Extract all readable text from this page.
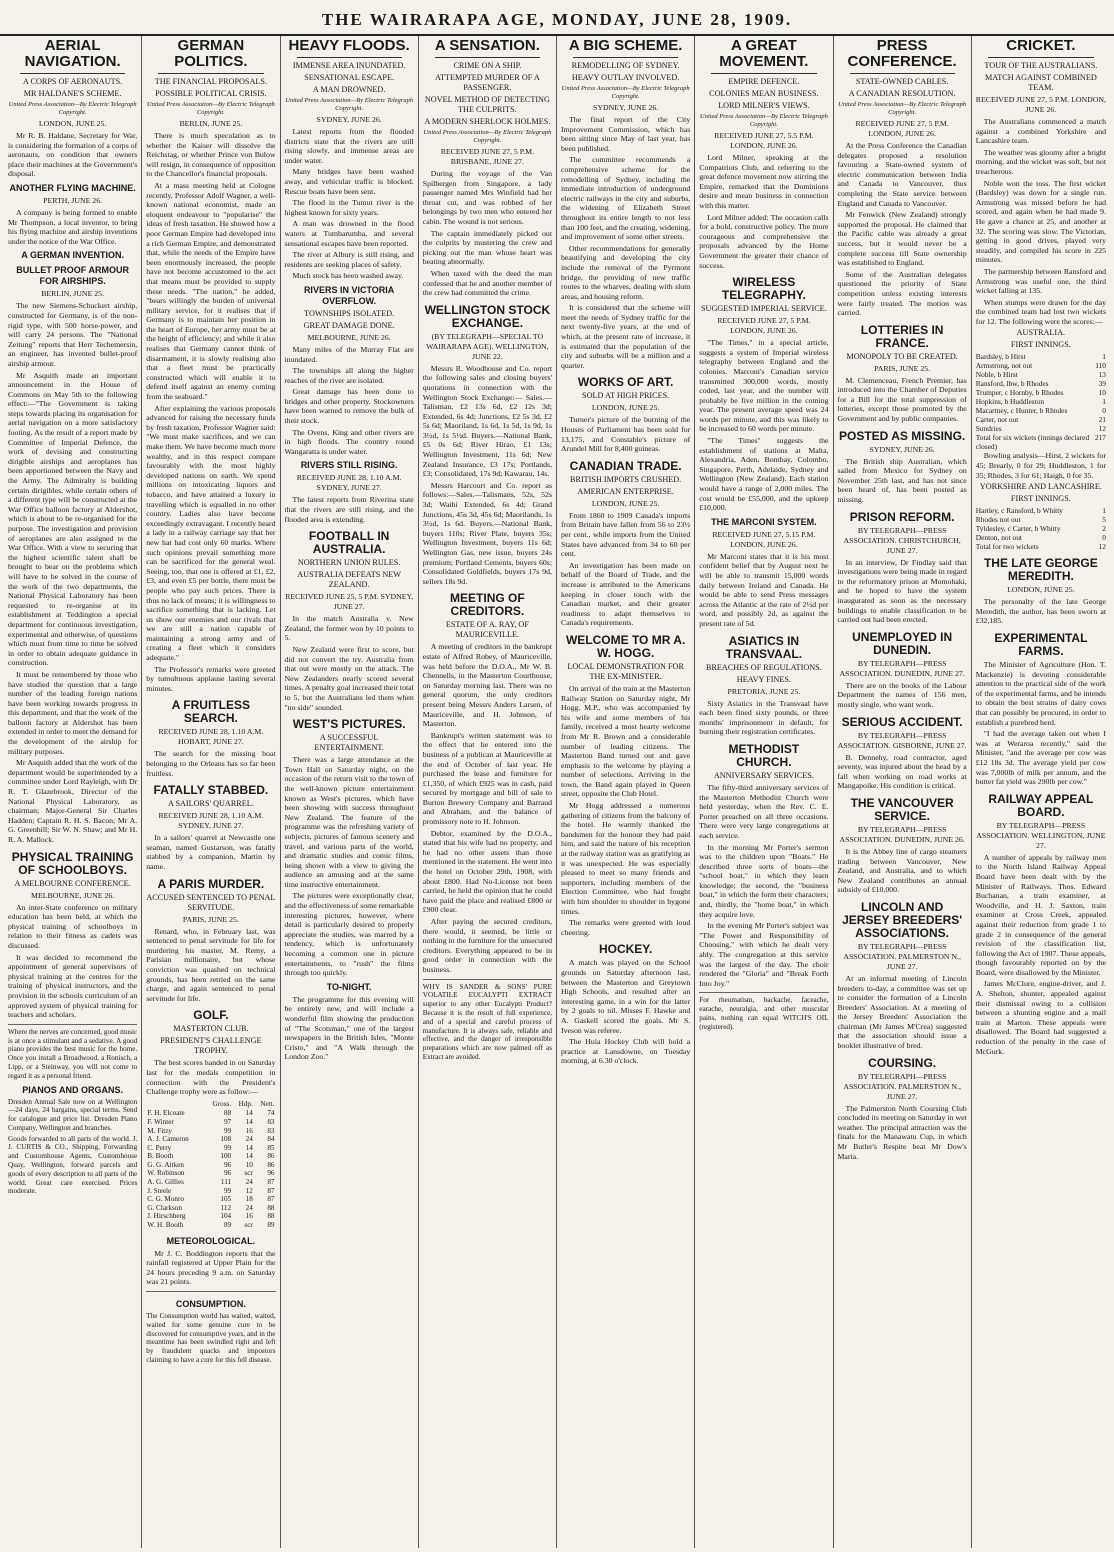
THE WAIRARAPA AGE, MONDAY, JUNE 28, 1909.
AERIAL NAVIGATION.
A CORPS OF AERONAUTS.
MR HALDANE'S SCHEME.
United Press Association—By Electric Telegraph Copyright.
LONDON, JUNE 25.

Mr R. B. Haldane, Secretary for War, is considering the formation of a corps of aeronauts, on condition that owners place their machines at the Government's disposal.

ANOTHER FLYING MACHINE.
PERTH, JUNE 26.

A company is being formed to enable Mr Thompson, a local inventor, to bring his flying machine and airship inventions under the notice of the War Office.

A GERMAN INVENTION.
BULLET PROOF ARMOUR FOR AIRSHIPS.
BERLIN, JUNE 25.

The new Siemens-Schuckert airship, constructed for Germany, is of the non-rigid type, with 500 horse-power, and will carry 24 persons. The "National Zeitung" reports that Herr Techemersin, an engineer, has invented bullet-proof airship armour.

Mr Asquith made an important announcement in the House of Commons on May 5th to the following effect:—"The Government is taking steps towards placing its organisation for aerial navigation on a more satisfactory footing. As the result of a report made by Committee of Imperial Defence, the work of devising and constructing dirigible airships and aeroplanes has been apportioned between the Navy and the Army. The Admiralty is building certain dirigibles, while certain others of a different type will be constructed at the War Office balloon factory at Aldershot, which is about to be re-organised for the purpose. The investigation and provision of aeroplanes are also assigned to the War Office. With a view to securing that the highest scientific talent shall be brought to bear on the problems which will have to be solved in the course of the work of the two departments, the National Physical Laboratory has been requested to re-organise at its establishment at Teddington a special department for continuous investigation, experimental and otherwise, of questions which must from time to time be solved in order to obtain adequate guidance in construction.

It must be remembered by those who have studied the question that a large number of the leading foreign nations have been working towards progress in this department, and that the work of the balloon factory at Aldershot has been extended in order to meet the demand for the development of the airship for military purposes.

Mr Asquith added that the work of the department would be superintended by a committee under Lord Rayleigh, with Dr R. T. Glazebrook, Director of the National Physical Laboratory, as chairman; Major-General Sir Charles Hadden; Captain R. H. S. Bacon; Mr A. G. Greenhill; Sir W. N. Shaw; and Mr H. R. A. Mallock.

PHYSICAL TRAINING OF SCHOOLBOYS.
A MELBOURNE CONFERENCE.
MELBOURNE, JUNE 26.

An inter-State conference on military education has been held, at which the physical training of schoolboys in relation to their fitness as cadets was discussed.

It was decided to recommend the appointment of general supervisors of physical training at the centres for the training of physical instructors, and the provision in the schools curriculum of an approved system of physical training for teachers and scholars.

Where the nerves are concerned, good music is at once a stimulant and a sedative. A good piano provides the best music for the home. Once you install a Broadwood, a Ronisch, a Lipp, or a Steinway, you will not come to regard it as a personal friend.

PIANOS AND ORGANS.

Dresden Annual Sale now on at Wellington—24 days, 24 bargains, special terms. Send for catalogue and price list. Dresden Piano Company, Wellington and branches.

Goods forwarded to all parts of the world. J. J. CURTIS & CO., Shipping, Forwarding and Customhouse Agents, Customhouse Quay, Wellington, forward parcels and goods of every description to all parts of the world. Great care exercised. Prices moderate.

GERMAN POLITICS.
THE FINANCIAL PROPOSALS.
POSSIBLE POLITICAL CRISIS.
United Press Association—By Electric Telegraph Copyright.
BERLIN, JUNE 25.

There is much speculation as to whether the Kaiser will dissolve the Reichstag, or whether Prince von Bulow will resign, in consequence of opposition to the Chancellor's financial proposals.

At a mass meeting held at Cologne recently, Professor Adolf Wagner, a well-known national economist, made an eloquent endeavour to "popularise" the ideas of fresh taxation. He showed how a poor German Empire had developed into a rich German Empire, and demonstrated that, while the needs of the Empire have been enormously increased, the people have not become accustomed to the act that means must be provided to supply these needs. "The nation," he added, "bears willingly the burden of universal military service, for it realises that if Germany is to maintain her position in the heart of Europe, her army must be at the height of efficiency; and while it also realises that Germany cannot think of disarmament, it is slowly realising also that a fleet must be practically constructed which will enable it to defend itself against an enemy coming from the seaboard."

After explaining the various proposals advanced for raising the necessary funds by fresh taxation, Professor Wagner said: "We must make sacrifices, and we can make them. We have become much more wealthy, and in this respect compare favourably with the most highly developed nations on earth. We spend millions on intoxicating liquors and tobacco, and have attained a luxury in travelling which is equalled in no other country. Ladies also have become exceedingly extravagant. I recently heard a lady in a railway carriage say that her new hat had cost only 60 marks. Where such opinions prevail something more can be sacrificed for the general weal. Seeing, too, that one is offered at £1, £2, £3, and even £5 per bottle, there must be people who pay such prices. There is thus no lack of means; it is willingness to sacrifice something that is lacking. Let us show our enemies and our rivals that we are still a nation capable of maintaining a strong army and of creating a fleet which it considers adequate."

The Professor's remarks were greeted by tumultuous applause lasting several minutes.

A FRUITLESS SEARCH.
RECEIVED JUNE 28, 1.10 A.M. HOBART, JUNE 27.

The search for the missing boat belonging to the Orleans has so far been fruitless.

FATALLY STABBED.
A SAILORS' QUARREL.
RECEIVED JUNE 28, 1.10 A.M. SYDNEY, JUNE 27.

In a sailors' quarrel at Newcastle one seaman, named Gustarson, was fatally stabbed by a companion, Martin by name.

A PARIS MURDER.
ACCUSED SENTENCED TO PENAL SERVITUDE.
PARIS, JUNE 25.

Renard, who, in February last, was sentenced to penal servitude for life for murdering his master, M. Remy, a Parisian millionaire, but whose conviction was quashed on technical grounds, has been retried on the same charge, and again sentenced to penal servitude for life.

GOLF.
MASTERTON CLUB.
PRESIDENT'S CHALLENGE TROPHY.

The best scores handed in on Saturday last for the medals competition in connection with the President's Challenge trophy were as follow:—

	Gross.	Hdp.	Nett.
F. H. Elcoate	88	14	74
F. Winter	97	14	83
M. Fitzy	99	16	83
A. J. Cameron	108	24	84
C. Perry	99	14	85
B. Booth	100	14	86
G. G. Aitken	96	10	86
W. Robinson	96	scr	96
A. G. Gillies	111	24	87
J. Steele	99	12	87
C. G. Monro	105	18	87
G. Clarkson	112	24	88
J. Hirschberg	104	16	88
W. H. Booth	89	scr	89
METEOROLOGICAL.

Mr J. C. Boddington reports that the rainfall registered at Upper Plain for the 24 hours preceding 9 a.m. on Saturday was 21 points.

CONSUMPTION.

The Consumption world has waited, waited, waited for some genuine cure to be discovered for consumptive years, and in the meantime has been swindled right and left by fraudulent quacks and impostors claiming to have a cure for this fell disease.

HEAVY FLOODS.
IMMENSE AREA INUNDATED.
SENSATIONAL ESCAPE.
A MAN DROWNED.
United Press Association—By Electric Telegraph Copyright.
SYDNEY, JUNE 26.

Latest reports from the flooded districts state that the rivers are still rising slowly, and immense areas are under water.

Many bridges have been washed away, and vehicular traffic is blocked. Rescue boats have been sent.

The flood in the Tumut river is the highest known for sixty years.

A man was drowned in the flood waters at Tumbarumba, and several sensational escapes have been reported.

The river at Albury is still rising, and residents are seeking places of safety.

Much stock has been washed away.

RIVERS IN VICTORIA OVERFLOW.
TOWNSHIPS ISOLATED.
GREAT DAMAGE DONE.
MELBOURNE, JUNE 26.

Many miles of the Murray Flat are inundated.

The townships all along the higher reaches of the river are isolated.

Great damage has been done to bridges and other property. Stockowners have been warned to remove the bulk of their stock.

The Ovens, King and other rivers are in high floods. The country round Wangaratta is under water.

RIVERS STILL RISING.
RECEIVED JUNE 28, 1.10 A.M. SYDNEY, JUNE 27.

The latest reports from Riverina state that the rivers are still rising, and the flooded area is extending.

FOOTBALL IN AUSTRALIA.
NORTHERN UNION RULES.
AUSTRALIA DEFEATS NEW ZEALAND.
RECEIVED JUNE 25, 5 P.M. SYDNEY, JUNE 27.

In the match Australia v. New Zealand, the former won by 10 points to 5.

New Zealand were first to score, but did not convert the try. Australia from that out were mostly on the attack. The New Zealanders nearly scored several times. A penalty goal increased their total to 5, but the Australians led them when "no side" sounded.

WEST'S PICTURES.
A SUCCESSFUL ENTERTAINMENT.

There was a large attendance at the Town Hall on Saturday night, on the occasion of the return visit to the town of the well-known picture entertainment known as West's pictures, which have been showing with success throughout New Zealand. The feature of the programme was the refreshing variety of subjects, pictures of famous scenery and travel, and various parts of the world, and dramatic studies and comic films, being shown with a view to giving the audience an amusing and at the same time instructive entertainment.

The pictures were exceptionally clear, and the effectiveness of some remarkable interesting pictures, however, where detail is particularly desired to properly appreciate the studies, was marred by a tendency, which is unfortunately becoming a common one in picture entertainments, to "rush" the films through too quickly.

TO-NIGHT.

The programme for this evening will be entirely new, and will include a wonderful film showing the production of "The Scotsman," one of the largest newspapers in the British Isles, "Monte Cristo," and "A Walk through the London Zoo."

A SENSATION.
CRIME ON A SHIP.
ATTEMPTED MURDER OF A PASSENGER.
NOVEL METHOD OF DETECTING THE CULPRITS.
A MODERN SHERLOCK HOLMES.
United Press Association—By Electric Telegraph Copyright.
RECEIVED JUNE 27, 5 P.M. BRISBANE, JUNE 27.

During the voyage of the Van Spilbergen from Singapore, a lady passenger named Mrs Winfield had her throat cut, and was robbed of her belongings by two men who entered her cabin. The wound is not serious.

The captain immediately picked out the culprits by mustering the crew and picking out the man whose heart was beating abnormally.

When taxed with the deed the man confessed that he and another member of the crew had committed the crime.

WELLINGTON STOCK EXCHANGE.
(BY TELEGRAPH—SPECIAL TO WAIRARAPA AGE). WELLINGTON, JUNE 22.

Messrs R. Woodhouse and Co. report the following sales and closing buyers' quotations in connection with the Wellington Stock Exchange:— Sales.—Talisman, £2 13s 6d, £2 12s 3d; Extended, 6s 4d; Junctions, £2 5s 3d, £2 5s 6d; Maoriland, 1s 6d, 1s 5d, 1s 9d, 1s 3½d, 1s 5½d. Buyers.—National Bank, £5 0s 6d; River Hirao, £1 13s; Wellington Investment, 11s 6d; New Zealand Insurance, £3 17s; Portlands, £3; Consolidated, 17s 9d; Kawarau, 14s.

Messrs Harcourt and Co. report as follows:—Sales.—Talismans, 52s, 52s 3d; Waihi Extended, 6s 4d; Grand Junctions, 45s 3d, 45s 6d; Maorilands, 1s 3½d, 1s 6d. Buyers.—National Bank, buyers 110s; River Plate, buyers 35s; Wellington Investment, buyers 11s 6d; Wellington Gas, new issue, buyers 24s premium; Portland Cements, buyers 60s; Consolidated Goldfields, buyers 17s 9d, sellers 18s 9d.

MEETING OF CREDITORS.
ESTATE OF A. RAY, OF MAURICEVILLE.

A meeting of creditors in the bankrupt estate of Alfred Robey, of Mauriceville, was held before the D.O.A., Mr W. B. Chennells, in the Masterton Courthouse, on Saturday morning last. There was no general quorum, the only creditors present being Messrs Anders Larsen, of Mauriceville, and H. Johnson, of Masterton.

Bankrupt's written statement was to the effect that he entered into the business of a publican at Mauriceville at the end of October of last year. He purchased the lease and furniture for £1,350, of which £925 was in cash, paid secured by mortgage and bill of sale to Burton Brewery Company and Barraud and Abraham, and the balance of promissory note to H. Johnson.

Debtor, examined by the D.O.A., stated that his wife had no property, and he had no other assets than those mentioned in the statement. He went into the hotel on October 29th, 1908, with about £800. Had No-License not been carried, he held the opinion that he could have paid the place and realised £800 or £900 clear.

After paying the secured creditors, there would, it seemed, be little or nothing in the furniture for the unsecured creditors. Everything appeared to be in good order in connection with the business.

WHY IS SANDER & SONS' PURE VOLATILE EUCALYPTI EXTRACT superior to any other Eucalypti Product? Because it is the result of full experience, and of a special and careful process of manufacture. It is always safe, reliable and effective, and the danger of irresponsible preparations which are now palmed off as Extract are avoided.

A BIG SCHEME.
REMODELLING OF SYDNEY.
HEAVY OUTLAY INVOLVED.
United Press Association—By Electric Telegraph Copyright.
SYDNEY, JUNE 26.

The final report of the City Improvement Commission, which has been sitting since May of last year, has been published.

The committee recommends a comprehensive scheme for the remodelling of Sydney, including the immediate introduction of underground electric railways in the city and suburbs, the widening of Elizabeth Street throughout its entire length to not less than 100 feet, and the creating, widening, and improvement of some other streets.

Other recommendations for generally beautifying and developing the city include the removal of the Pyrmont bridge, the providing of new traffic routes to the wharves, dealing with slum areas, and housing reform.

It is considered that the scheme will meet the needs of Sydney traffic for the next twenty-five years, at the end of which, at the present rate of increase, it is estimated that the population of the city and suburbs will be a million and a quarter.

WORKS OF ART.
SOLD AT HIGH PRICES.
LONDON, JUNE 25.

Turner's picture of the burning of the Houses of Parliament has been sold for 13,175, and Constable's picture of Arundel Mill for 8,400 guineas.

CANADIAN TRADE.
BRITISH IMPORTS CRUSHED.
AMERICAN ENTERPRISE.
LONDON, JUNE 25.

From 1860 to 1909 Canada's imports from Britain have fallen from 56 to 23½ per cent., while imports from the United States have advanced from 34 to 60 per cent.

An investigation has been made on behalf of the Board of Trade, and the increase is attributed to the Americans keeping in closer touch with the Canadian market, and their greater readiness to adapt themselves to Canada's requirements.

WELCOME TO MR A. W. HOGG.
LOCAL DEMONSTRATION FOR THE EX-MINISTER.

On arrival of the train at the Masterton Railway Station on Saturday night, Mr Hogg, M.P., who was accompanied by his wife and some members of his family, received a most hearty welcome from Mr R. Brown and a considerable number of leading citizens. The Masterton Band turned out and gave emphasis to the welcome by playing a number of selections. Arriving in the town, the Band again played in Queen street, opposite the Club Hotel.

Mr Hogg addressed a numerous gathering of citizens from the balcony of the hotel. He warmly thanked the bandsmen for the honour they had paid him, and said the nature of his reception at the railway station was as gratifying as it was unexpected. He was especially pleased to meet so many friends and supporters, including members of the Election Committee, who had fought with him shoulder to shoulder in bygone times.

The remarks were greeted with loud cheering.

HOCKEY.

A match was played on the School grounds on Saturday afternoon last, between the Masterton and Greytown High Schools, and resulted after an interesting game, in a win for the latter by 2 goals to nil. Misses F. Hawke and A. Gaskell scored the goals. Mr S. Iveson was referee.

The Huia Hockey Club will hold a practice at Lansdowne, on Tuesday morning, at 6.30 o'clock.

A GREAT MOVEMENT.
EMPIRE DEFENCE.
COLONIES MEAN BUSINESS.
LORD MILNER'S VIEWS.
United Press Association—By Electric Telegraph Copyright.
RECEIVED JUNE 27, 5.5 P.M. LONDON, JUNE 26.

Lord Milner, speaking at the Compatriots Club, and referring to the great defence movement now stirring the Empire, remarked that the Dominions desire and mean business in connection with this matter.

Lord Milner added: The occasion calls for a bold, constructive policy. The more courageous and comprehensive the proposals advanced by the Home Government the greater their chance of success.

WIRELESS TELEGRAPHY.
SUGGESTED IMPERIAL SERVICE.
RECEIVED JUNE 27, 5 P.M. LONDON, JUNE 26.

"The Times," in a special article, suggests a system of Imperial wireless telegraphy between England and the colonies. Marconi's Canadian service transmitted 300,000 words, mostly coded, last year, and the number will probably be five million in the coming year. The present average speed was 24 words per minute, and this was likely to be increased to 60 words per minute.

"The Times" suggests the establishment of stations at Malta, Alexandria, Aden, Bombay, Colombo, Singapore, Perth, Adelaide, Sydney and Wellington (New Zealand). Each station would have a range of 2,000 miles. The cost would be £55,000, and the upkeep £10,000.

THE MARCONI SYSTEM.
RECEIVED JUNE 27, 5.15 P.M. LONDON, JUNE 26.

Mr Marconi states that it is his most confident belief that by August next he will be able to transmit 15,000 words daily between Ireland and Canada. He would be able to send Press messages across the Atlantic at the rate of 2½d per word, and possibly 2d, as against the present rate of 5d.

ASIATICS IN TRANSVAAL.
BREACHES OF REGULATIONS.
HEAVY FINES.
PRETORIA, JUNE 25.

Sixty Asiatics in the Transvaal have each been fined sixty pounds, or three months' imprisonment in default, for burning their registration certificates.

METHODIST CHURCH.
ANNIVERSARY SERVICES.

The fifty-third anniversary services of the Masterton Methodist Church were held yesterday, when the Rev. C. E. Porter preached on all three occasions. There were very large congregations at each service.

In the morning Mr Porter's sermon was to the children upon "Boats." He described three sorts of boats—the "school boat," in which they learn knowledge; the second, the "business boat," in which the form their characters; and, thirdly, the "home boat," in which they acquire love.

In the evening Mr Porter's subject was "The Power and Responsibility of Choosing," with which he dealt very ably. The congregation at this service was the largest of the day. The choir rendered the "Gloria" and "Break Forth Into Joy."

For rheumatism, backache, faceache, earache, neuralgia, and other muscular pains, nothing can equal WITCH'S OIL (registered).

PRESS CONFERENCE.
STATE-OWNED CABLES.
A CANADIAN RESOLUTION.
United Press Association—By Electric Telegraph Copyright.
RECEIVED JUNE 27, 5 P.M. LONDON, JUNE 26.

At the Press Conference the Canadian delegates proposed a resolution favouring a State-owned system of electric communication between India and Canada to Vancouver, thus completing the State service between England and Canada to Vancouver.

Mr Fenwick (New Zealand) strongly supported the proposal. He claimed that the Pacific cable was already a great success, but it would never be a complete success till State ownership was established to England.

Some of the Australian delegates questioned the priority of State competition unless existing interests were fairly treated. The motion was carried.

LOTTERIES IN FRANCE.
MONOPOLY TO BE CREATED.
PARIS, JUNE 25.

M. Clemenceau, French Premier, has introduced into the Chamber of Deputies for a Bill for the total suppression of lotteries, except those promoted by the Government and by public companies.

POSTED AS MISSING.
SYDNEY, JUNE 26.

The British ship Australian, which sailed from Mexico for Sydney on November 25th last, and has not since been heard of, has been posted as missing.

PRISON REFORM.
BY TELEGRAPH—PRESS ASSOCIATION. CHRISTCHURCH, JUNE 27.

In an interview, Dr Findlay said that investigations were being made in regard to the reformatory prison at Momohaki, and he hoped to have the system inaugurated as soon as the necessary buildings to enable classification to be carried out had been erected.

UNEMPLOYED IN DUNEDIN.
BY TELEGRAPH—PRESS ASSOCIATION. DUNEDIN, JUNE 27.

There are on the books of the Labour Department the names of 156 men, mostly single, who want work.

SERIOUS ACCIDENT.
BY TELEGRAPH—PRESS ASSOCIATION. GISBORNE, JUNE 27.

B. Dennehy, road contractor, aged seventy, was injured about the head by a fall when working on road works at Mangapoike. His condition is critical.

THE VANCOUVER SERVICE.
BY TELEGRAPH—PRESS ASSOCIATION. DUNEDIN, JUNE 26.

It is the Abbey line of cargo steamers trading between Vancouver, New Zealand, and Australia, and to which New Zealand contributes an annual subsidy of £10,000.

LINCOLN AND JERSEY BREEDERS' ASSOCIATIONS.
BY TELEGRAPH—PRESS ASSOCIATION. PALMERSTON N., JUNE 27.

At an informal meeting of Lincoln breeders to-day, a committee was set up to consider the formation of a Lincoln Breeders' Association. At a meeting of the Jersey Breeders' Association the chairman (Mr James M'Crea) suggested that the association should issue a booklet illustrative of bred.

COURSING.
BY TELEGRAPH—PRESS ASSOCIATION. PALMERSTON N., JUNE 27.

The Palmerston North Coursing Club concluded its meeting on Saturday in wet weather. The principal attraction was the finals for the Manawatu Cup, in which Mr Butler's Respite beat Mr Dow's Maria.

CRICKET.
TOUR OF THE AUSTRALIANS.
MATCH AGAINST COMBINED TEAM.
RECEIVED JUNE 27, 5 P.M. LONDON, JUNE 26.

The Australians commenced a match against a combined Yorkshire and Lancashire team.

The weather was gloomy after a bright morning, and the wicket was soft, but not treacherous.

Noble won the toss. The first wicket (Bardsley) was down for a single run. Armstrong was missed before he had scored, and again when he had made 9. He gave a chance at 25, and another at 32. The scoring was slow. The Victorian, getting in good drives, played very steadily, and compiled his score in 225 minutes.

The partnership between Ransford and Armstrong was useful one, the third wicket falling at 135.

When stumps were drawn for the day the combined team had lost two wickets for 12. The following were the scores:—

AUSTRALIA.
FIRST INNINGS.
Bardsley, b Hirst	1
Armstrong, not out	110
Noble, b Hirst	13
Ransford, lbw, b Rhodes	39
Trumper, c Hornby, b Rhodes	10
Hopkins, b Huddleston	1
Macartney, c Hunter, b Rhodes	0
Carter, not out	21
Sundries	12
Total for six wickets (innings declared closed)
217

Bowling analysis—Hirst, 2 wickets for 45; Brearly, 0 for 29; Huddleston, 1 for 35; Rhodes, 3 for 61; Haigh, 0 for 35.

YORKSHIRE AND LANCASHIRE.
FIRST INNINGS.
Hartley, c Ransford, b Whitty	1
Rhodes not out	5
Tyldesley, c Carter, b Whitty	2
Denton, not out	0
Total for two wickets	12
THE LATE GEORGE MEREDITH.
LONDON, JUNE 25.

The personalty of the late George Meredith, the author, has been sworn at £32,185.

EXPERIMENTAL FARMS.

The Minister of Agriculture (Hon. T. Mackenzie) is devoting considerable attention to the practical side of the work of the experimental farms, and he intends to obtain the best strains of dairy cows that can possibly be procured, in order to establish a purebred herd.

"I had the average taken out when I was at Weraroa recently," said the Minister, "and the average per cow was £12 18s 3d. The average yield per cow was 7,000lb of milk per annum, and the butter fat yield was 290lb per cow."

RAILWAY APPEAL BOARD.
BY TELEGRAPH—PRESS ASSOCIATION. WELLINGTON, JUNE 27.

A number of appeals by railway men to the North Island Railway Appeal Board have been dealt with by the Minister of Railways. Thos. Edward Buchanan, a train examiner, at Woodville, and H. J. Saxton, train examiner at Cross Creek, appealed against their reduction from grade 1 to grade 2 in consequence of the general revision of the classification list, following the Act of 1907. These appeals, though favourably reported on by the Board, were disallowed by the Minister.

James McClure, engine-driver, and J. A. Shelton, shunter, appealed against their dismissal owing to a collision between a shunting engine and a mail train at Marton. These appeals were disallowed. The Board had suggested a reduction of the penalty in the case of McGurk.
